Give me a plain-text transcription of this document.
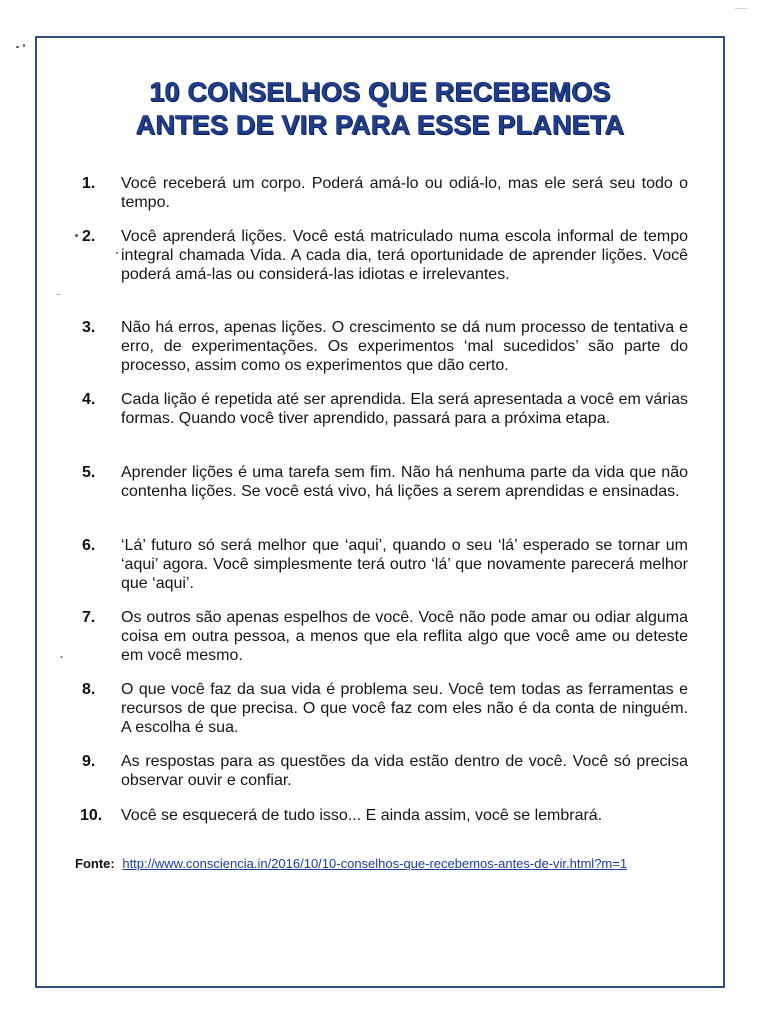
10 CONSELHOS QUE RECEBEMOS
ANTES DE VIR PARA ESSE PLANETA
1.	Você receberá um corpo. Poderá amá-lo ou odiá-lo, mas ele será seu todo o tempo.
2.	Você aprenderá lições. Você está matriculado numa escola informal de tempo integral chamada Vida. A cada dia, terá oportunidade de aprender lições. Você poderá amá-las ou considerá-las idiotas e irrelevantes.
3.	Não há erros, apenas lições. O crescimento se dá num processo de tentativa e erro, de experimentações. Os experimentos ‘mal sucedidos’ são parte do processo, assim como os experimentos que dão certo.
4.	Cada lição é repetida até ser aprendida. Ela será apresentada a você em várias formas. Quando você tiver aprendido, passará para a próxima etapa.
5.	Aprender lições é uma tarefa sem fim. Não há nenhuma parte da vida que não contenha lições. Se você está vivo, há lições a serem aprendidas e ensinadas.
6.	‘Lá’ futuro só será melhor que ‘aqui’, quando o seu ‘lá’ esperado se tornar um ‘aqui’ agora. Você simplesmente terá outro ‘lá’ que novamente parecerá melhor que ‘aqui’.
7.	Os outros são apenas espelhos de você. Você não pode amar ou odiar alguma coisa em outra pessoa, a menos que ela reflita algo que você ame ou deteste em você mesmo.
8.	O que você faz da sua vida é problema seu. Você tem todas as ferramentas e recursos de que precisa. O que você faz com eles não é da conta de ninguém. A escolha é sua.
9.	As respostas para as questões da vida estão dentro de você. Você só precisa observar ouvir e confiar.
10.	Você se esquecerá de tudo isso... E ainda assim, você se lembrará.
Fonte: http://www.consciencia.in/2016/10/10-conselhos-que-recebemos-antes-de-vir.html?m=1
